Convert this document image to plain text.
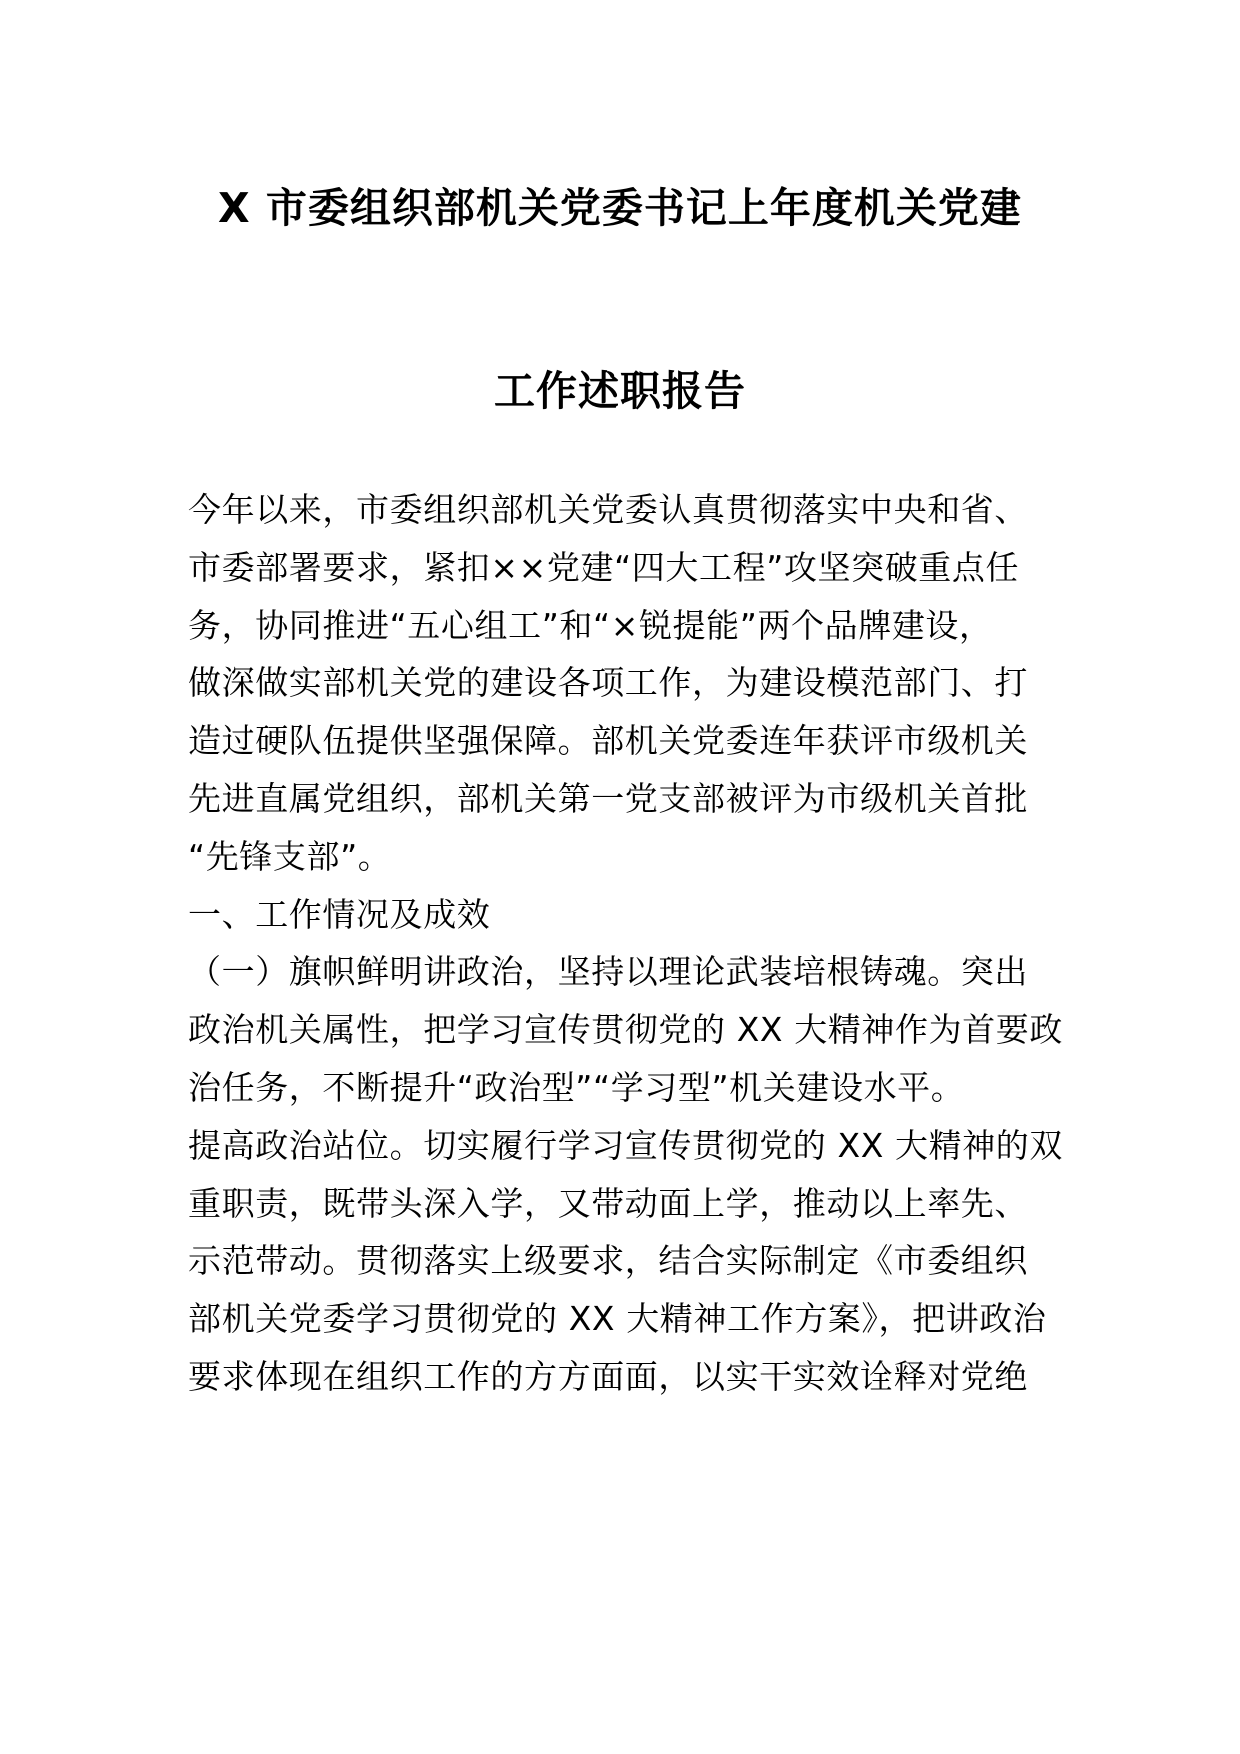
X 市委组织部机关党委书记上年度机关党建
工作述职报告
今年以来，市委组织部机关党委认真贯彻落实中央和省、
市委部署要求，紧扣××党建“四大工程”攻坚突破重点任
务，协同推进“五心组工”和“×锐提能”两个品牌建设，
做深做实部机关党的建设各项工作，为建设模范部门、打
造过硬队伍提供坚强保障。部机关党委连年获评市级机关
先进直属党组织，部机关第一党支部被评为市级机关首批
“先锋支部”。
一、工作情况及成效
（一）旗帜鲜明讲政治，坚持以理论武装培根铸魂。突出
政治机关属性，把学习宣传贯彻党的 XX 大精神作为首要政
治任务，不断提升“政治型”“学习型”机关建设水平。
提高政治站位。切实履行学习宣传贯彻党的 XX 大精神的双
重职责，既带头深入学，又带动面上学，推动以上率先、
示范带动。贯彻落实上级要求，结合实际制定《市委组织
部机关党委学习贯彻党的 XX 大精神工作方案》，把讲政治
要求体现在组织工作的方方面面，以实干实效诠释对党绝
